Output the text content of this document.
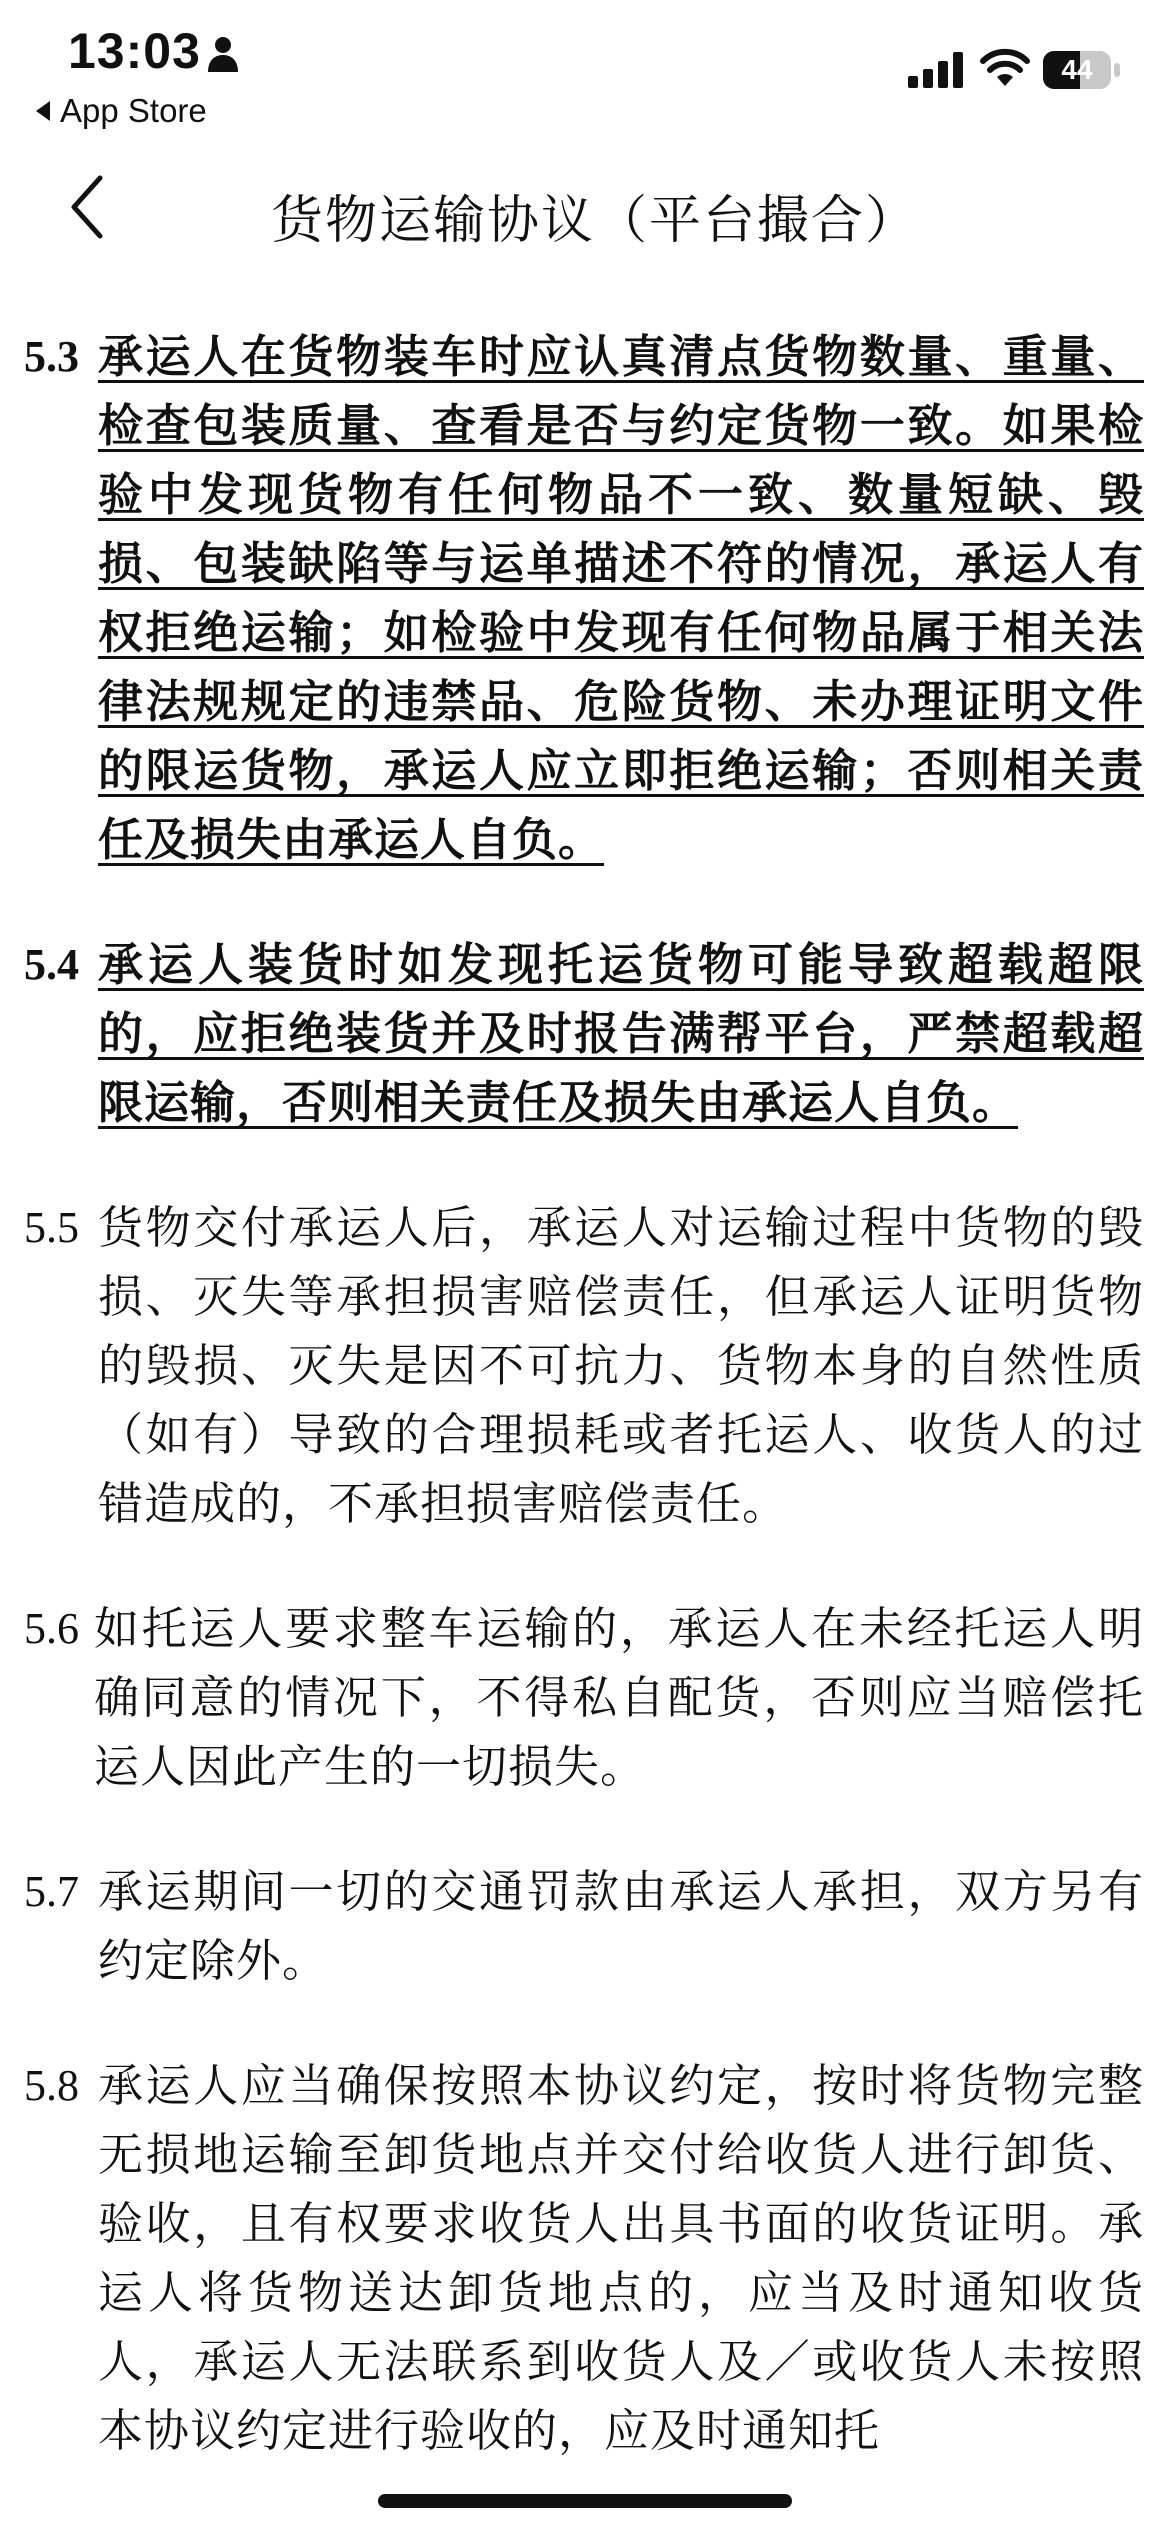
13:03
App Store
44
货物运输协议（平台撮合）
5.3 承运人在货物装车时应认真清点货物数量、重量、检查包装质量、查看是否与约定货物一致。如果检验中发现货物有任何物品不一致、数量短缺、毁损、包装缺陷等与运单描述不符的情况，承运人有权拒绝运输；如检验中发现有任何物品属于相关法律法规规定的违禁品、危险货物、未办理证明文件的限运货物，承运人应立即拒绝运输；否则相关责任及损失由承运人自负。
5.4 承运人装货时如发现托运货物可能导致超载超限的，应拒绝装货并及时报告满帮平台，严禁超载超限运输，否则相关责任及损失由承运人自负。
5.5 货物交付承运人后，承运人对运输过程中货物的毁损、灭失等承担损害赔偿责任，但承运人证明货物的毁损、灭失是因不可抗力、货物本身的自然性质（如有）导致的合理损耗或者托运人、收货人的过错造成的，不承担损害赔偿责任。
5.6 如托运人要求整车运输的，承运人在未经托运人明确同意的情况下，不得私自配货，否则应当赔偿托运人因此产生的一切损失。
5.7 承运期间一切的交通罚款由承运人承担，双方另有约定除外。
5.8 承运人应当确保按照本协议约定，按时将货物完整无损地运输至卸货地点并交付给收货人进行卸货、验收，且有权要求收货人出具书面的收货证明。承运人将货物送达卸货地点的，应当及时通知收货人，承运人无法联系到收货人及／或收货人未按照本协议约定进行验收的，应及时通知托
